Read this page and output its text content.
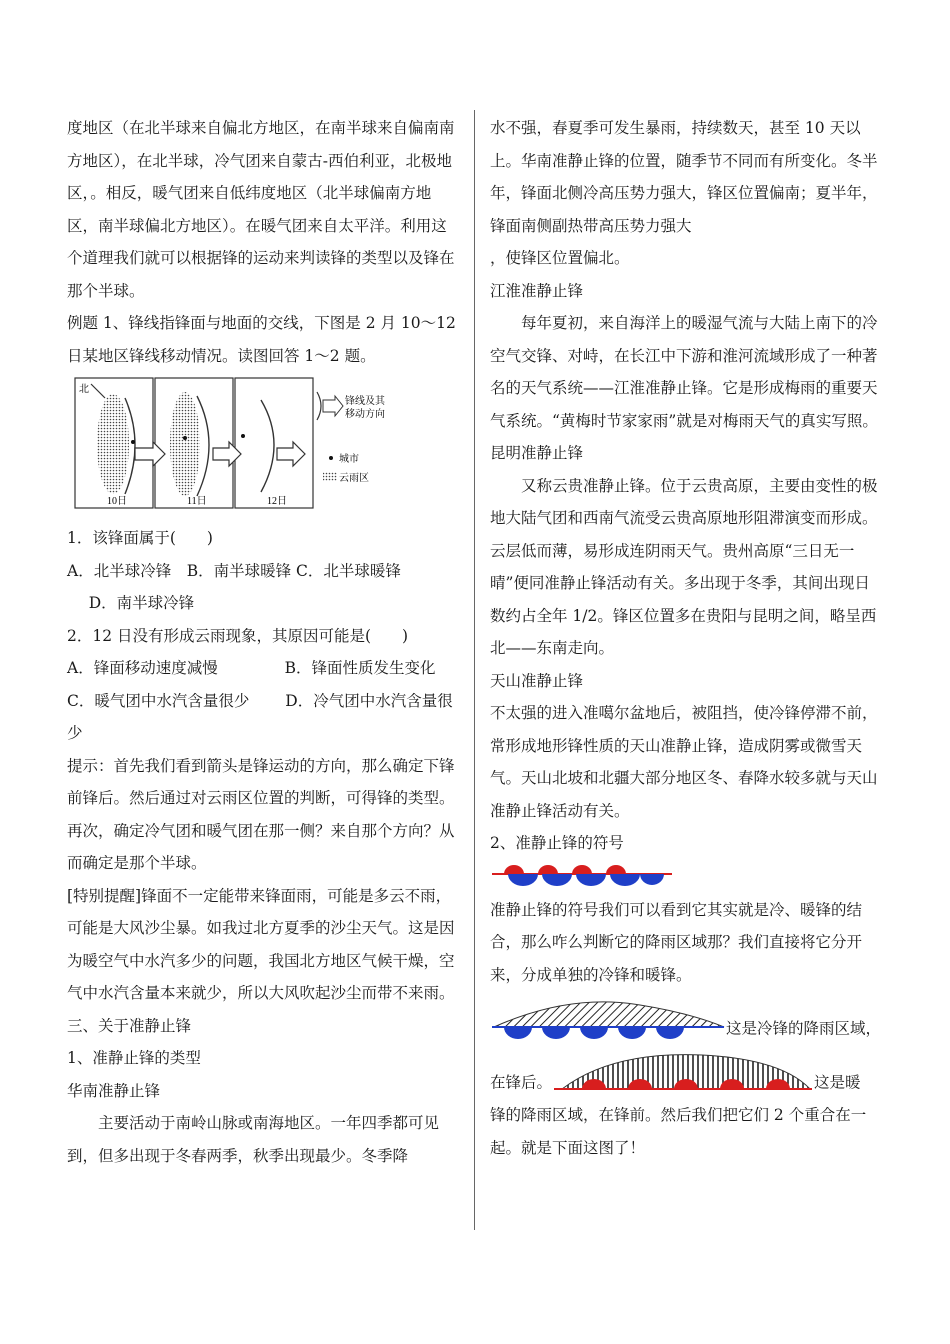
度地区（在北半球来自偏北方地区，在南半球来自偏南南方地区），在北半球，冷气团来自蒙古-西伯利亚，北极地区，。相反，暖气团来自低纬度地区（北半球偏南方地区，南半球偏北方地区）。在暖气团来自太平洋。利用这个道理我们就可以根据锋的运动来判读锋的类型以及锋在那个半球。

例题 1、锋线指锋面与地面的交线，下图是 2 月 10～12 日某地区锋线移动情况。读图回答 1～2 题。

北
10日	11日	12日
锋线及其
移动方向
城市
云雨区

1．该锋面属于(　　)

A．北半球冷锋　B．南半球暖锋 C．北半球暖锋

D．南半球冷锋

2．12 日没有形成云雨现象，其原因可能是(　　)

A．锋面移动速度减慢　　　　 B．锋面性质发生变化

C．暖气团中水汽含量很少　　 D．冷气团中水汽含量很少

提示：首先我们看到箭头是锋运动的方向，那么确定下锋前锋后。然后通过对云雨区位置的判断，可得锋的类型。再次，确定冷气团和暖气团在那一侧？来自那个方向？从而确定是那个半球。

[特别提醒]锋面不一定能带来锋面雨，可能是多云不雨，可能是大风沙尘暴。如我过北方夏季的沙尘天气。这是因为暖空气中水汽多少的问题，我国北方地区气候干燥，空气中水汽含量本来就少，所以大风吹起沙尘而带不来雨。

三、关于准静止锋

1、准静止锋的类型

华南准静止锋

主要活动于南岭山脉或南海地区。一年四季都可见到，但多出现于冬春两季，秋季出现最少。冬季降

水不强，春夏季可发生暴雨，持续数天，甚至 10 天以上。华南准静止锋的位置，随季节不同而有所变化。冬半年，锋面北侧冷高压势力强大，锋区位置偏南；夏半年，锋面南侧副热带高压势力强大

，使锋区位置偏北。

江淮准静止锋

每年夏初，来自海洋上的暖湿气流与大陆上南下的冷空气交锋、对峙，在长江中下游和淮河流域形成了一种著名的天气系统——江淮准静止锋。它是形成梅雨的重要天气系统。“黄梅时节家家雨”就是对梅雨天气的真实写照。

昆明准静止锋

又称云贵准静止锋。位于云贵高原，主要由变性的极地大陆气团和西南气流受云贵高原地形阻滞演变而形成。云层低而薄，易形成连阴雨天气。贵州高原“三日无一晴”便同准静止锋活动有关。多出现于冬季，其间出现日数约占全年 1/2。锋区位置多在贵阳与昆明之间，略呈西北——东南走向。

天山准静止锋

不太强的进入准噶尔盆地后，被阻挡，使冷锋停滞不前，常形成地形锋性质的天山准静止锋，造成阴雾或微雪天气。天山北坡和北疆大部分地区冬、春降水较多就与天山准静止锋活动有关。

2、准静止锋的符号

准静止锋的符号我们可以看到它其实就是冷、暖锋的结合，那么咋么判断它的降雨区域那？我们直接将它分开来，分成单独的冷锋和暖锋。

这是冷锋的降雨区域，
在锋后。	这是暖

锋的降雨区域，在锋前。然后我们把它们 2 个重合在一起。就是下面这图了！
